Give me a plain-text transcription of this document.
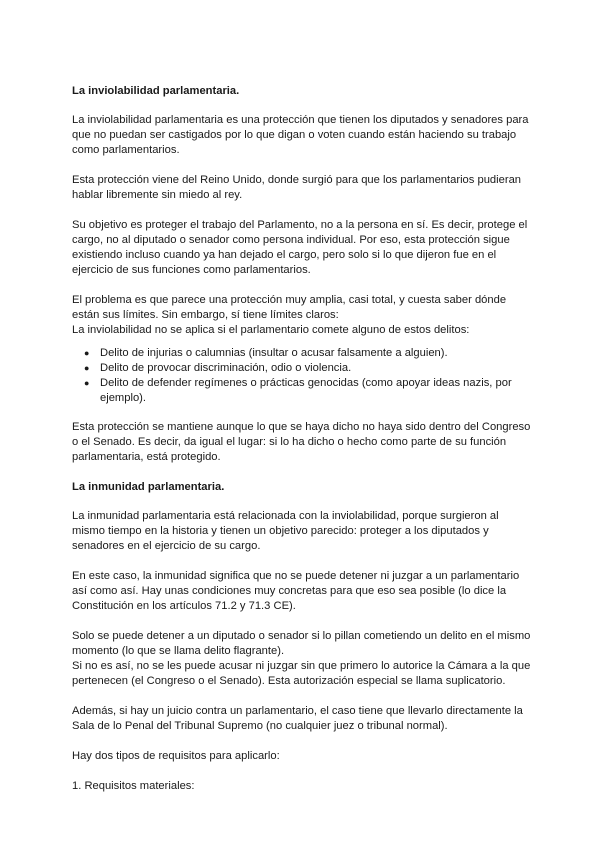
La inviolabilidad parlamentaria.

La inviolabilidad parlamentaria es una protección que tienen los diputados y senadores para
que no puedan ser castigados por lo que digan o voten cuando están haciendo su trabajo
como parlamentarios.

Esta protección viene del Reino Unido, donde surgió para que los parlamentarios pudieran
hablar libremente sin miedo al rey.

Su objetivo es proteger el trabajo del Parlamento, no a la persona en sí. Es decir, protege el
cargo, no al diputado o senador como persona individual. Por eso, esta protección sigue
existiendo incluso cuando ya han dejado el cargo, pero solo si lo que dijeron fue en el
ejercicio de sus funciones como parlamentarios.

El problema es que parece una protección muy amplia, casi total, y cuesta saber dónde
están sus límites. Sin embargo, sí tiene límites claros:
La inviolabilidad no se aplica si el parlamentario comete alguno de estos delitos:

● Delito de injurias o calumnias (insultar o acusar falsamente a alguien).
● Delito de provocar discriminación, odio o violencia.
● Delito de defender regímenes o prácticas genocidas (como apoyar ideas nazis, por
ejemplo).

Esta protección se mantiene aunque lo que se haya dicho no haya sido dentro del Congreso
o el Senado. Es decir, da igual el lugar: si lo ha dicho o hecho como parte de su función
parlamentaria, está protegido.

La inmunidad parlamentaria.

La inmunidad parlamentaria está relacionada con la inviolabilidad, porque surgieron al
mismo tiempo en la historia y tienen un objetivo parecido: proteger a los diputados y
senadores en el ejercicio de su cargo.

En este caso, la inmunidad significa que no se puede detener ni juzgar a un parlamentario
así como así. Hay unas condiciones muy concretas para que eso sea posible (lo dice la
Constitución en los artículos 71.2 y 71.3 CE).

Solo se puede detener a un diputado o senador si lo pillan cometiendo un delito en el mismo
momento (lo que se llama delito flagrante).
Si no es así, no se les puede acusar ni juzgar sin que primero lo autorice la Cámara a la que
pertenecen (el Congreso o el Senado). Esta autorización especial se llama suplicatorio.

Además, si hay un juicio contra un parlamentario, el caso tiene que llevarlo directamente la
Sala de lo Penal del Tribunal Supremo (no cualquier juez o tribunal normal).

Hay dos tipos de requisitos para aplicarlo:

1. Requisitos materiales:
